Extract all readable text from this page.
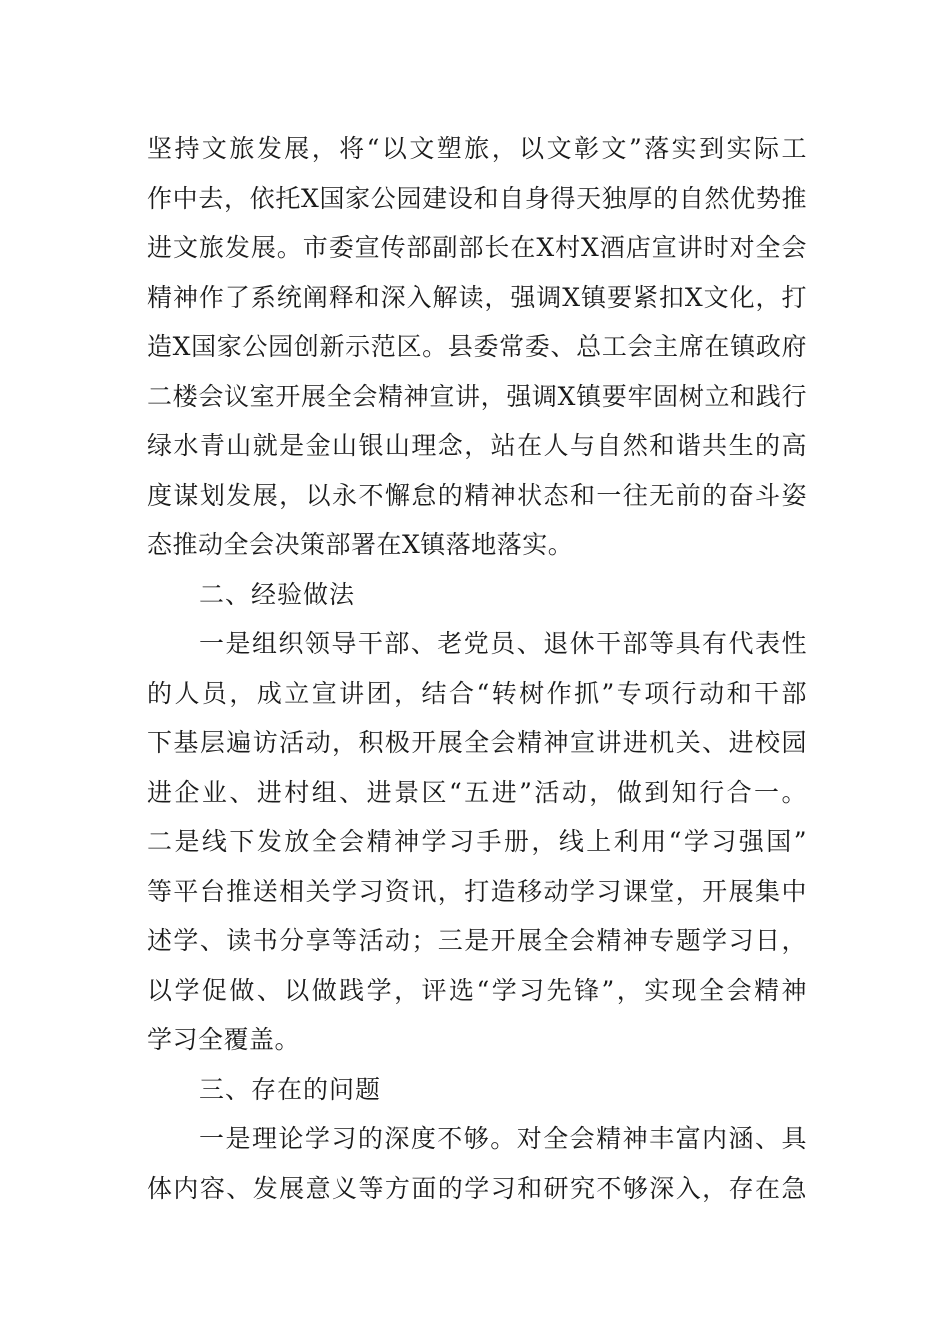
坚持文旅发展，将“以文塑旅，以文彰文”落实到实际工
作中去，依托X国家公园建设和自身得天独厚的自然优势推
进文旅发展。市委宣传部副部长在X村X酒店宣讲时对全会
精神作了系统阐释和深入解读，强调X镇要紧扣X文化，打
造X国家公园创新示范区。县委常委、总工会主席在镇政府
二楼会议室开展全会精神宣讲，强调X镇要牢固树立和践行
绿水青山就是金山银山理念，站在人与自然和谐共生的高
度谋划发展，以永不懈怠的精神状态和一往无前的奋斗姿
态推动全会决策部署在X镇落地落实。
二、经验做法
一是组织领导干部、老党员、退休干部等具有代表性
的人员，成立宣讲团，结合“转树作抓”专项行动和干部
下基层遍访活动，积极开展全会精神宣讲进机关、进校园
进企业、进村组、进景区“五进”活动，做到知行合一。
二是线下发放全会精神学习手册，线上利用“学习强国”
等平台推送相关学习资讯，打造移动学习课堂，开展集中
述学、读书分享等活动；三是开展全会精神专题学习日，
以学促做、以做践学，评选“学习先锋”，实现全会精神
学习全覆盖。
三、存在的问题
一是理论学习的深度不够。对全会精神丰富内涵、具
体内容、发展意义等方面的学习和研究不够深入，存在急
